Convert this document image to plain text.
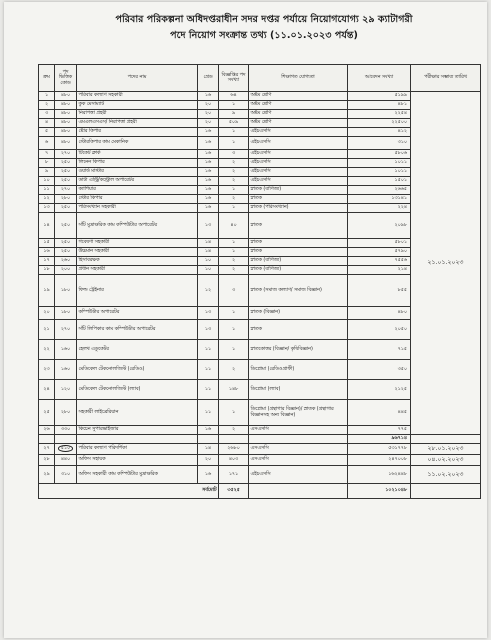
পরিবার পরিকল্পনা অধিদপ্তরাধীন সদর দপ্তর পর্যায়ে নিয়োগযোগ্য ২৯ ক্যাটাগরী
পদে নিয়োগ সংক্রান্ত তথ্য (১১.০১.২০২৩ পর্যন্ত)
ক্রম	পদ ভিত্তিক কোড	পদের নাম	গ্রেড	বিজ্ঞপ্তির পদ সংখ্যা	শিক্ষাগত যোগ্যতা	আবেদন সংখ্যা	পরীক্ষার সম্ভাব্য তারিখ
১	৪৮০	পরিবার কল্যাণ সহকারী	১৬	৬৪	অষ্টম শ্রেণি	৫১৯৯	২১.০১.২০২৩
২	৪৮০	কুক মেসাম্যাট	২০	১	অষ্টম শ্রেণি	৪৮১	
৩	৪৮০	নিরাপত্তা প্রহরী	২০	৯	অষ্টম শ্রেণি	২২৫৪	
৪	৪৮০	এমএলএসএস/ নিরাপত্তা প্রহরী	২০	৫০৯	অষ্টম শ্রেণি	২২৫০০	
৫	৪৮০	ষ্টোর কিপার	১৬	১	এইচএসসি	৪১২	
৬	৪৮০	স্টোরকিপার কাম মেকানিক	১৬	১	এইচএসসি	৩১০	
৭	২৭০	টিকেট ক্লার্ক	১৬	৩	এইচএসসি	৫৮০৬	
৮	২৫০	লিনেন কিপার	১৬	২	এইচএসসি	১০১১	
৯	২৫০	ওয়ার্ড মাস্টার	১৬	২	এইচএসসি	১০১১	
১০	২৫০	ডাটা এন্ট্রি/কন্ট্রোল অপারেটর	১৬	২	এইচএসসি	১৫০১	
১১	২৭০	ক্যাশিয়ার	১৬	১	স্নাতক (বাণিজ্য)	২৬৬৫	
১২	২৮০	স্টোর কিপার	১৬	২	স্নাতক	১৩১৪১	
১৩	২৫০	পরিসংখ্যান সহকারী	১৬	১	স্নাতক (পরিসংখ্যান)	২২৪	
১৪	২৫০	সাঁট মুদ্রাক্ষরিক কাম কম্পিউটার অপারেটর	১৩	৪০	স্নাতক	২০৯৮	
১৫	২৫০	গবেষণা সহকারী	১৪	১	স্নাতক	৫৮০১	
১৬	২৫০	উচ্চমান সহকারী	১৪	১	স্নাতক	৫৭৯০	
১৭	২৬০	হিসাবরক্ষক	১০	২	স্নাতক (বাণিজ্য)	৭৫৫৬	
১৮	২০০	প্রধান সহকারী	১০	২	স্নাতক (বাণিজ্য)	২১৪	
১৯	১৮০	ফিল্ড ট্রেইনার	১২	৩	স্নাতক (সমাজ কল্যাণ/ সমাজ বিজ্ঞান)	৮৫৫	
২০	১৮০	কম্পিউটার অপারেটর	১৩	১	স্নাতক (বিজ্ঞান)	৪৮০	
২১	২৭০	সাঁট লিপিকার কাম কম্পিউটার অপারেটর	১৩	১	স্নাতক	২০৫০	
২২	১৬০	হেলথ এডুকেটর	১১	১	স্নাতকোত্তর (বিজ্ঞান/ কৃষিবিজ্ঞান)	৭১৫	
২৩	১৬০	মেডিকেল টেকনোলজিস্ট (রেডিও)	১১	২	ডিপ্লোমা (রেডিওগ্রাফী)	৩৫০	
২৪	১২০	মেডিকেল টেকনোলজিস্ট (ল্যাব)	১১	১৪৮	ডিপ্লোমা (ল্যাব)	২১২৫	
২৫	২৮০	সহকারী লাইব্রেরিয়ান	১১	১	ডিপ্লোমা (গ্রন্থাগার বিজ্ঞান)/ স্নাতক (গ্রন্থাগার বিজ্ঞানসহ অন্য বিজ্ঞান)	৪৪৫	
২৬	৩৩০	কিচেন সুপারভাইজার	১৬	২	এসএসসি	৭৭৫	
						৯৬৭১৪	
২৭	৫১০	পরিবার কল্যাণ পরিদর্শিকা	১৪	২৬৮০	এসএসসি	৫৩১৭৭৮	২৮.০১.২০২৩
২৮	৪৪০	অফিস সহায়ক	২০	৪০৩	এসএসসি	২৪৭০০৮	০৪.০২.২০২৩
২৯	৩১০	অফিস সহকারী কাম কম্পিউটার মুদ্রাক্ষরিক	১৬	১৭১	এইচএসসি	১৬২৪৪৮	১১.০২.২০২৩
সর্বমোট				৩৫২৫		১০২১০৪৮	
